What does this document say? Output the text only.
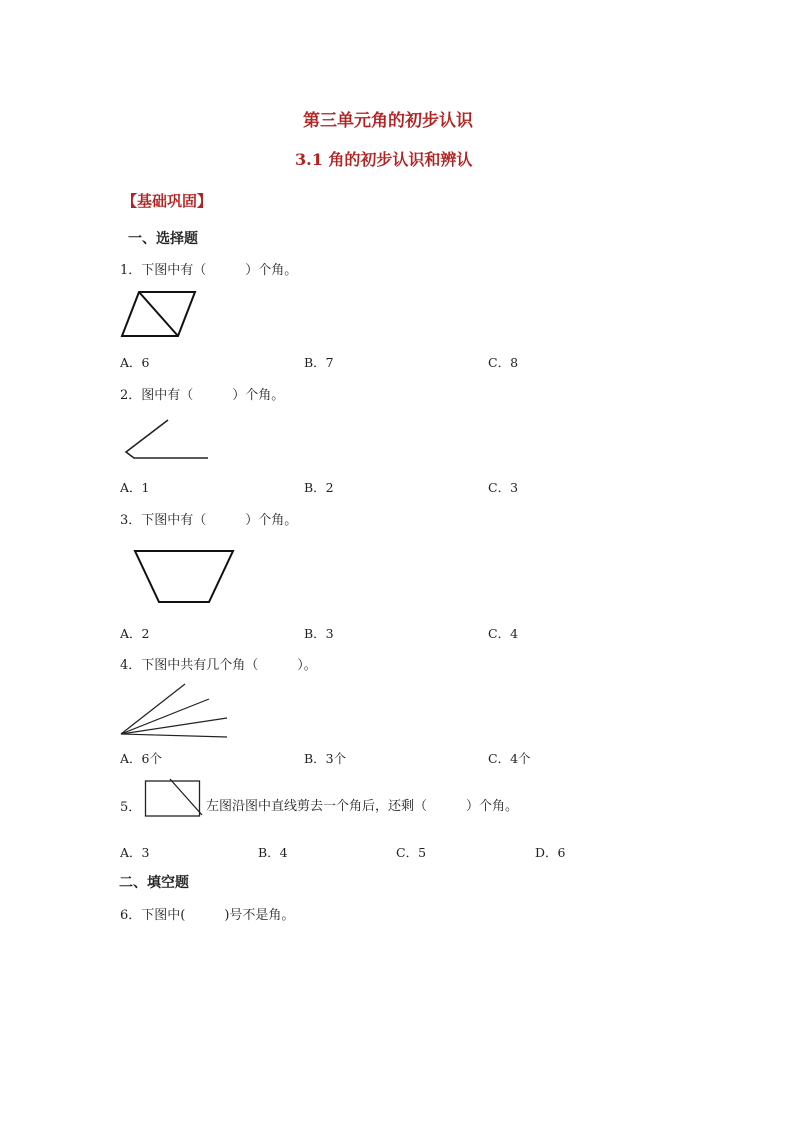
第三单元角的初步认识
3.1 角的初步认识和辨认
【基础巩固】
一、选择题
1．下图中有（　　　）个角。
A．6	B．7	C．8
2．图中有（　　　）个角。
A．1	B．2	C．3
3．下图中有（　　　）个角。
A．2	B．3	C．4
4．下图中共有几个角（　　　）。
A．6个	B．3个	C．4个
5．	左图沿图中直线剪去一个角后，还剩（　　　）个角。
A．3	B．4	C．5	D．6
二、填空题
6．下图中(　　　)号不是角。
